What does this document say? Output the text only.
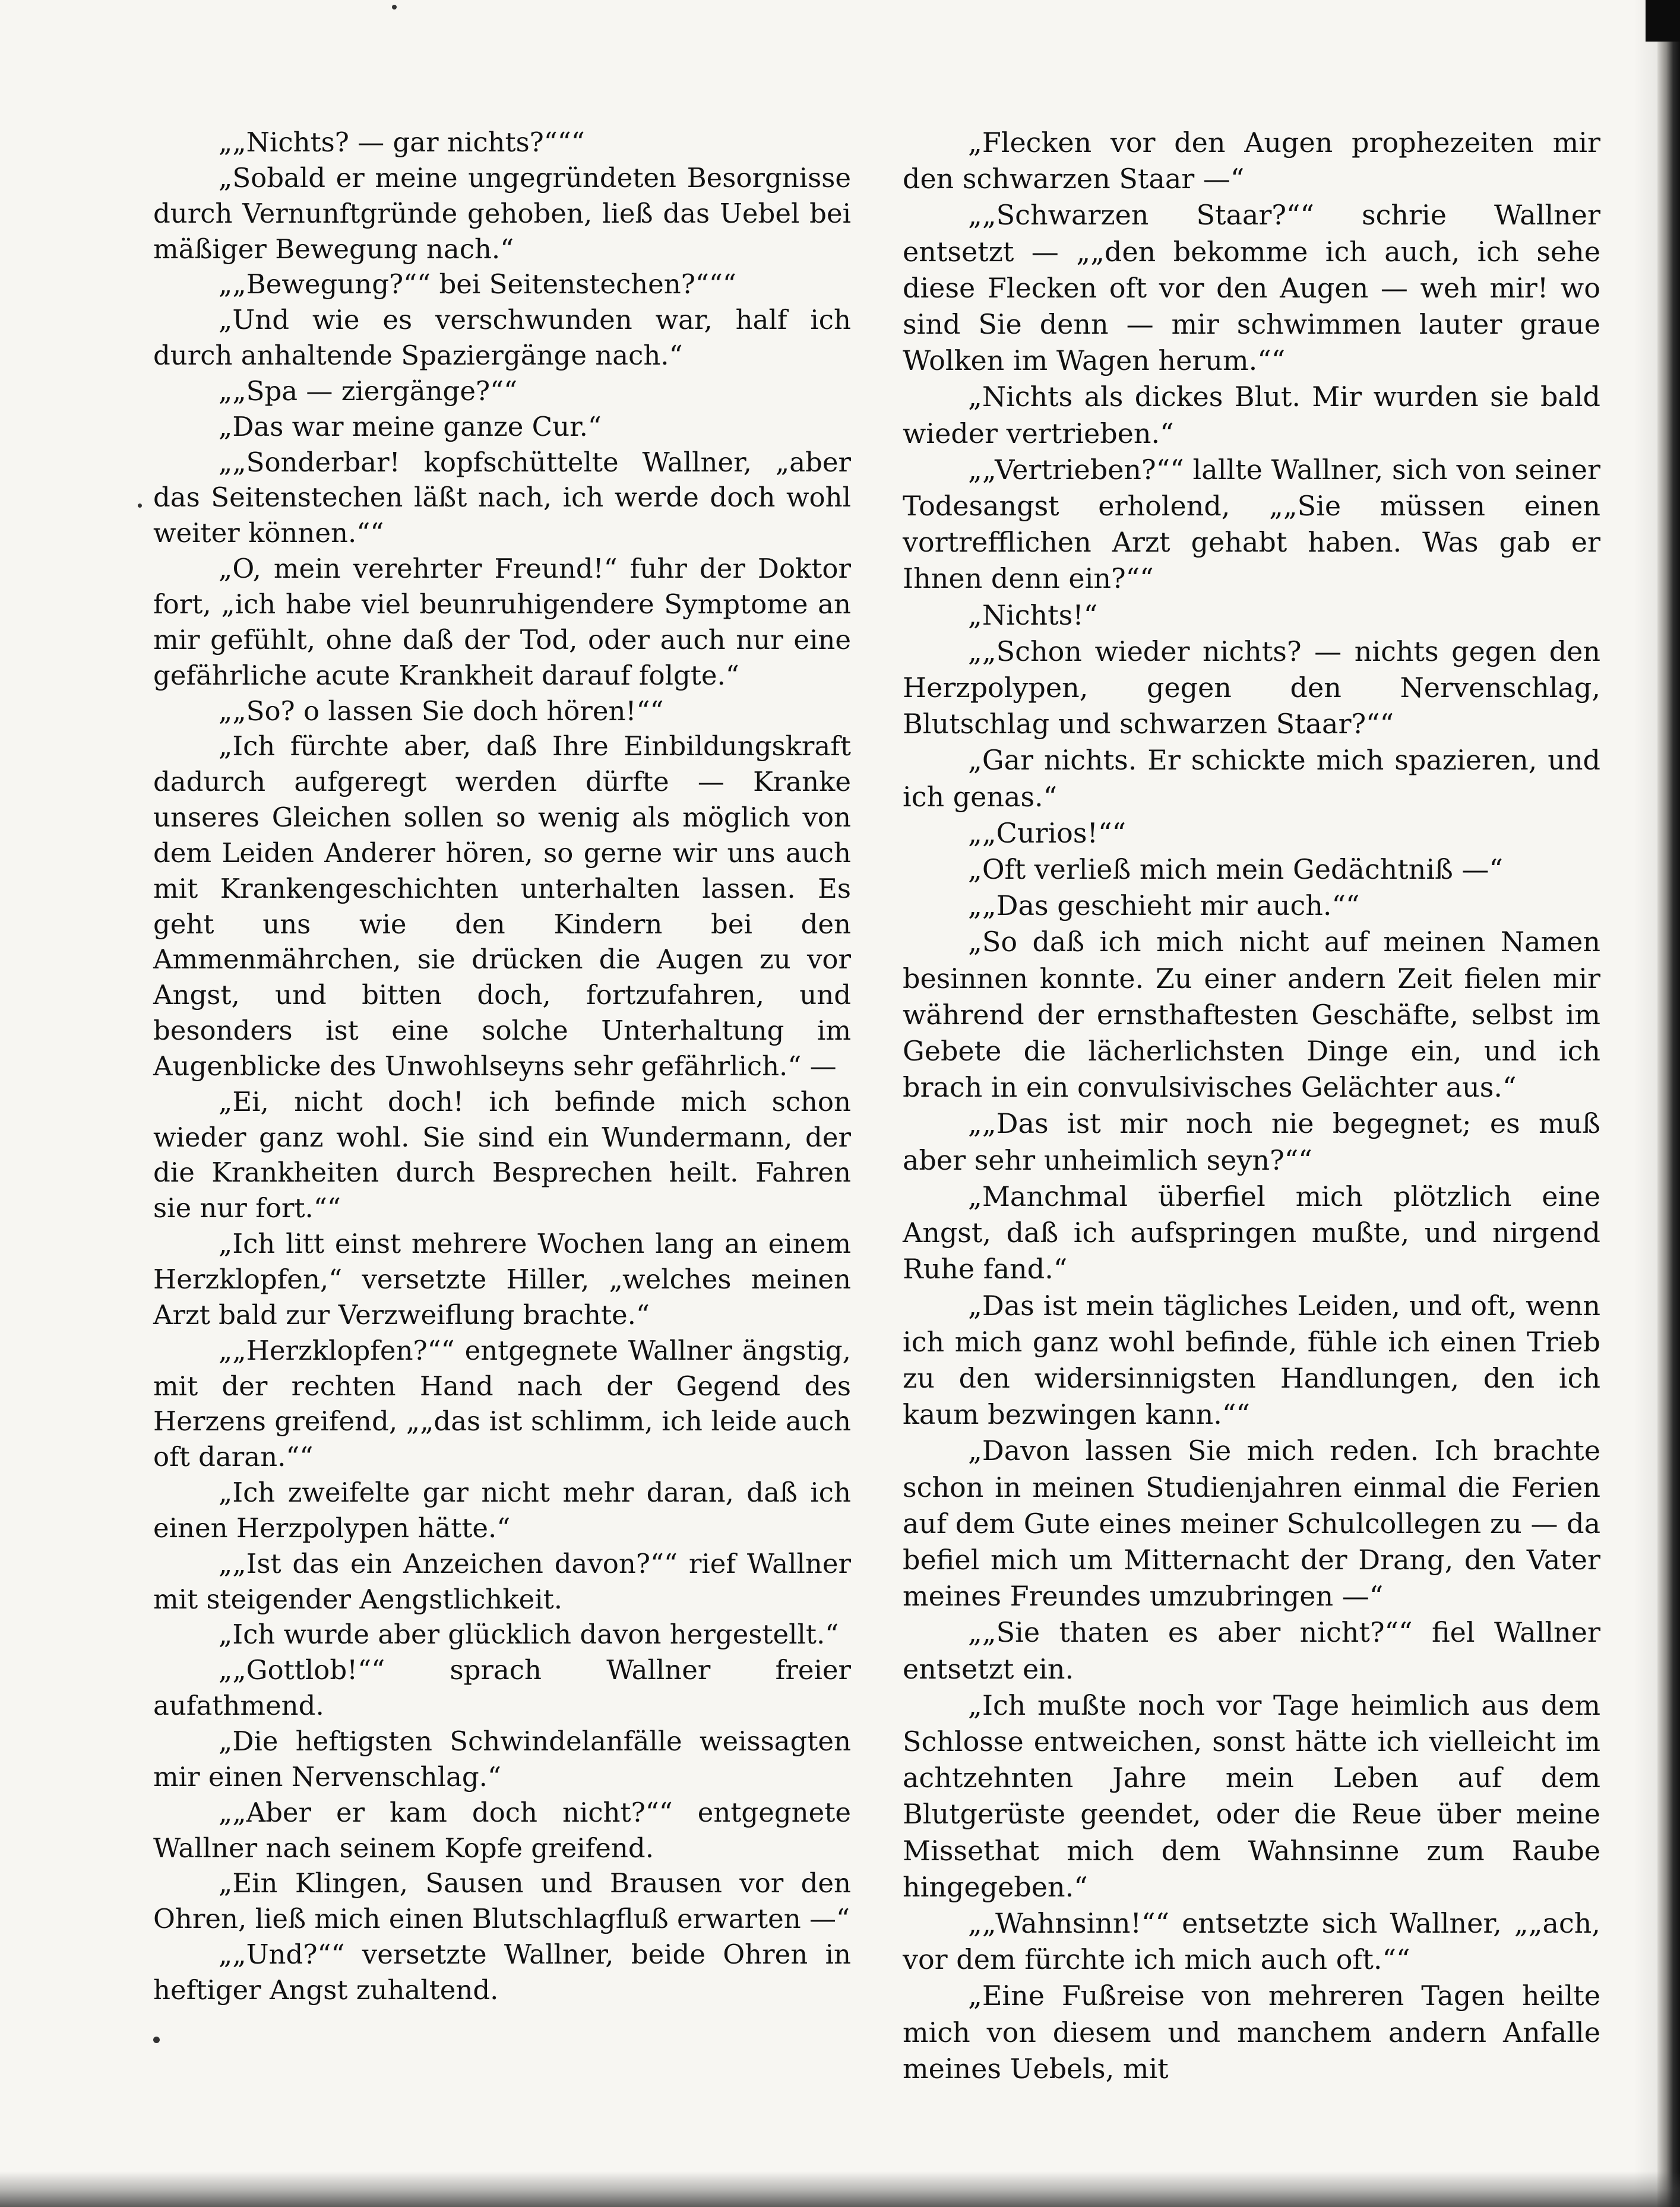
„„Nichts? — gar nichts?“““

„Sobald er meine ungegründeten Besorgnisse durch Vernunftgründe gehoben, ließ das Uebel bei mäßiger Bewegung nach.“

„„Bewegung?““ bei Seitenstechen?“““

„Und wie es verschwunden war, half ich durch anhaltende Spaziergänge nach.“

„„Spa — ziergänge?““

„Das war meine ganze Cur.“

„„Sonderbar! kopfschüttelte Wallner, „aber das Seitenstechen läßt nach, ich werde doch wohl weiter können.““

„O, mein verehrter Freund!“ fuhr der Doktor fort, „ich habe viel beunruhigendere Symptome an mir gefühlt, ohne daß der Tod, oder auch nur eine gefährliche acute Krankheit darauf folgte.“

„„So? o lassen Sie doch hören!““

„Ich fürchte aber, daß Ihre Einbildungskraft dadurch aufgeregt werden dürfte — Kranke unseres Gleichen sollen so wenig als möglich von dem Leiden Anderer hören, so gerne wir uns auch mit Krankengeschichten unterhalten lassen. Es geht uns wie den Kindern bei den Ammenmährchen, sie drücken die Augen zu vor Angst, und bitten doch, fortzufahren, und besonders ist eine solche Unterhaltung im Augenblicke des Unwohlseyns sehr gefährlich.“ —

„Ei, nicht doch! ich befinde mich schon wieder ganz wohl. Sie sind ein Wundermann, der die Krankheiten durch Besprechen heilt. Fahren sie nur fort.““

„Ich litt einst mehrere Wochen lang an einem Herzklopfen,“ versetzte Hiller, „welches meinen Arzt bald zur Verzweiflung brachte.“

„„Herzklopfen?““ entgegnete Wallner ängstig, mit der rechten Hand nach der Gegend des Herzens greifend, „„das ist schlimm, ich leide auch oft daran.““

„Ich zweifelte gar nicht mehr daran, daß ich einen Herzpolypen hätte.“

„„Ist das ein Anzeichen davon?““ rief Wallner mit steigender Aengstlichkeit.

„Ich wurde aber glücklich davon hergestellt.“

„„Gottlob!““ sprach Wallner freier aufathmend.

„Die heftigsten Schwindelanfälle weissagten mir einen Nervenschlag.“

„„Aber er kam doch nicht?““ entgegnete Wallner nach seinem Kopfe greifend.

„Ein Klingen, Sausen und Brausen vor den Ohren, ließ mich einen Blutschlagfluß erwarten —“

„„Und?““ versetzte Wallner, beide Ohren in heftiger Angst zuhaltend.

„Flecken vor den Augen prophezeiten mir den schwarzen Staar —“

„„Schwarzen Staar?““ schrie Wallner entsetzt — „„den bekomme ich auch, ich sehe diese Flecken oft vor den Augen — weh mir! wo sind Sie denn — mir schwimmen lauter graue Wolken im Wagen herum.““

„Nichts als dickes Blut. Mir wurden sie bald wieder vertrieben.“

„„Vertrieben?““ lallte Wallner, sich von seiner Todesangst erholend, „„Sie müssen einen vortrefflichen Arzt gehabt haben. Was gab er Ihnen denn ein?““

„Nichts!“

„„Schon wieder nichts? — nichts gegen den Herzpolypen, gegen den Nervenschlag, Blutschlag und schwarzen Staar?““

„Gar nichts. Er schickte mich spazieren, und ich genas.“

„„Curios!““

„Oft verließ mich mein Gedächtniß —“

„„Das geschieht mir auch.““

„So daß ich mich nicht auf meinen Namen besinnen konnte. Zu einer andern Zeit fielen mir während der ernsthaftesten Geschäfte, selbst im Gebete die lächerlichsten Dinge ein, und ich brach in ein convulsivisches Gelächter aus.“

„„Das ist mir noch nie begegnet; es muß aber sehr unheimlich seyn?““

„Manchmal überfiel mich plötzlich eine Angst, daß ich aufspringen mußte, und nirgend Ruhe fand.“

„Das ist mein tägliches Leiden, und oft, wenn ich mich ganz wohl befinde, fühle ich einen Trieb zu den widersinnigsten Handlungen, den ich kaum bezwingen kann.““

„Davon lassen Sie mich reden. Ich brachte schon in meinen Studienjahren einmal die Ferien auf dem Gute eines meiner Schulcollegen zu — da befiel mich um Mitternacht der Drang, den Vater meines Freundes umzubringen —“

„„Sie thaten es aber nicht?““ fiel Wallner entsetzt ein.

„Ich mußte noch vor Tage heimlich aus dem Schlosse entweichen, sonst hätte ich vielleicht im achtzehnten Jahre mein Leben auf dem Blutgerüste geendet, oder die Reue über meine Missethat mich dem Wahnsinne zum Raube hingegeben.“

„„Wahnsinn!““ entsetzte sich Wallner, „„ach, vor dem fürchte ich mich auch oft.““

„Eine Fußreise von mehreren Tagen heilte mich von diesem und manchem andern Anfalle meines Uebels, mit
